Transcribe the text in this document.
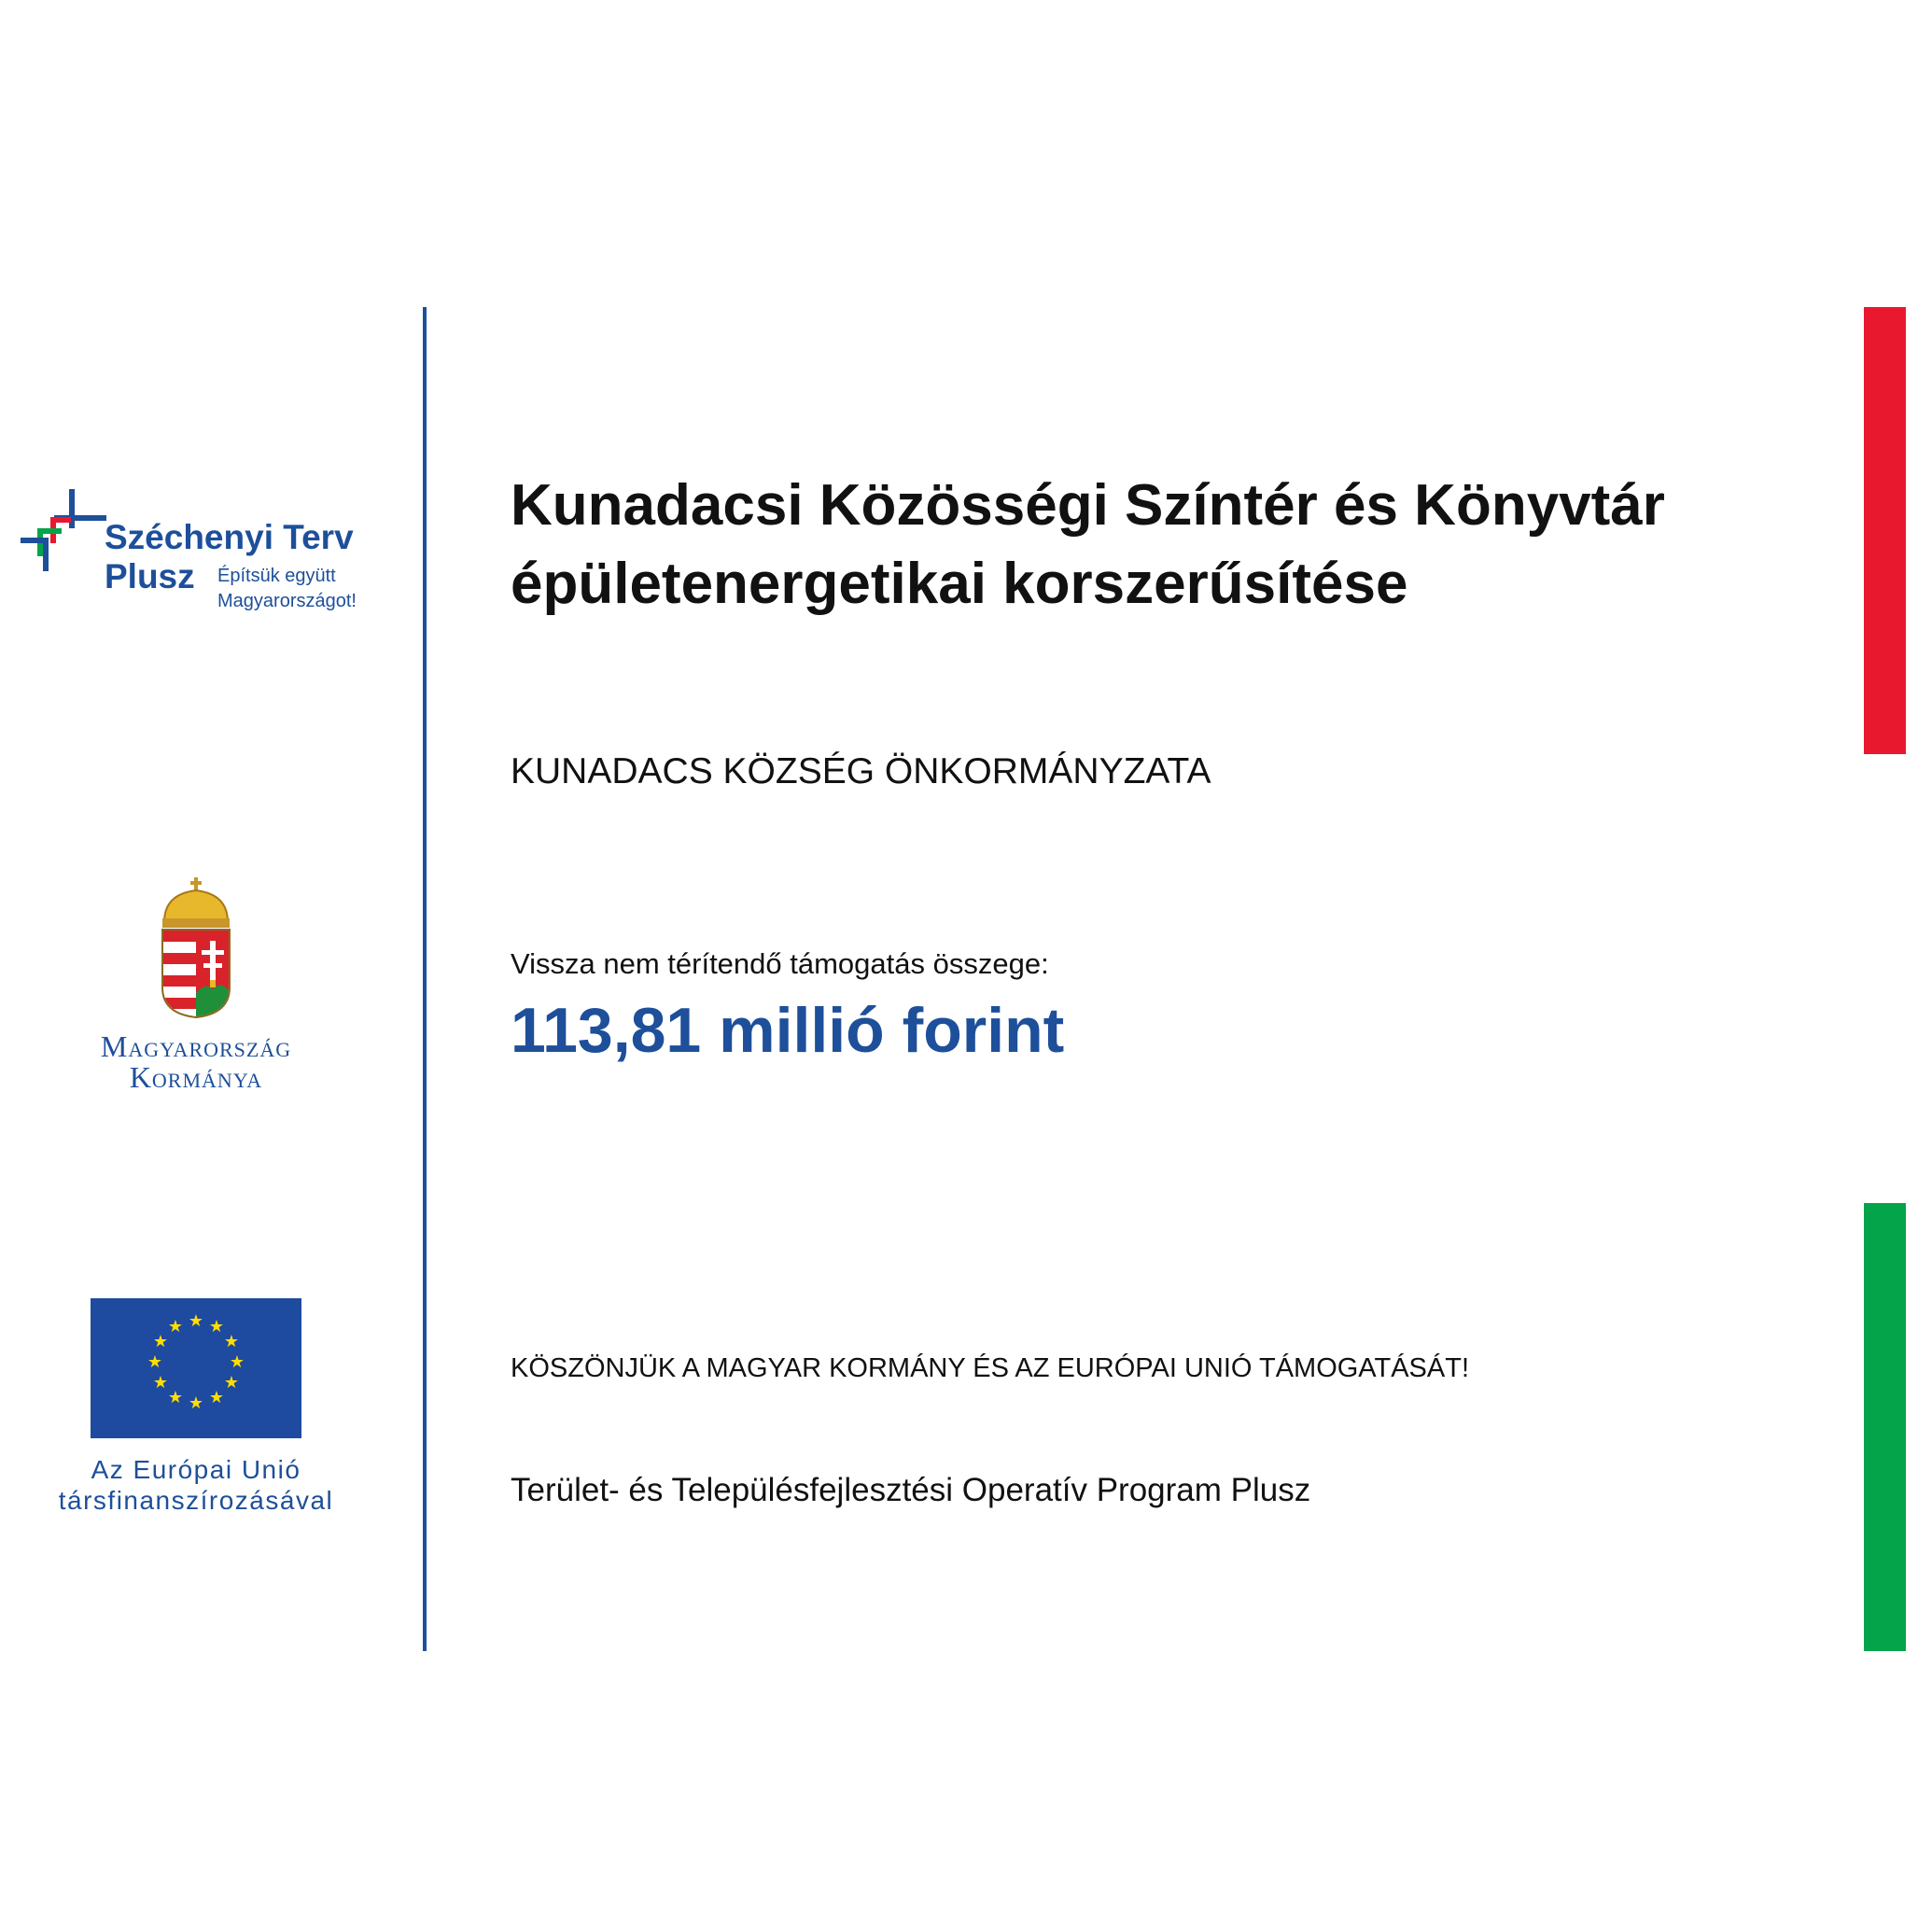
Széchenyi Terv
Plusz Építsük együtt
Magyarországot!
Magyarország
Kormánya
★ ★
★
★
★
★
★
★
★
★
★
★
Az Európai Unió
társfinanszírozásával
Kunadacsi Közösségi Színtér és Könyvtár épületenergetikai korszerűsítése
KUNADACS KÖZSÉG ÖNKORMÁNYZATA
Vissza nem térítendő támogatás összege:
113,81 millió forint
KÖSZÖNJÜK A MAGYAR KORMÁNY ÉS AZ EURÓPAI UNIÓ TÁMOGATÁSÁT!
Terület- és Településfejlesztési Operatív Program Plusz
